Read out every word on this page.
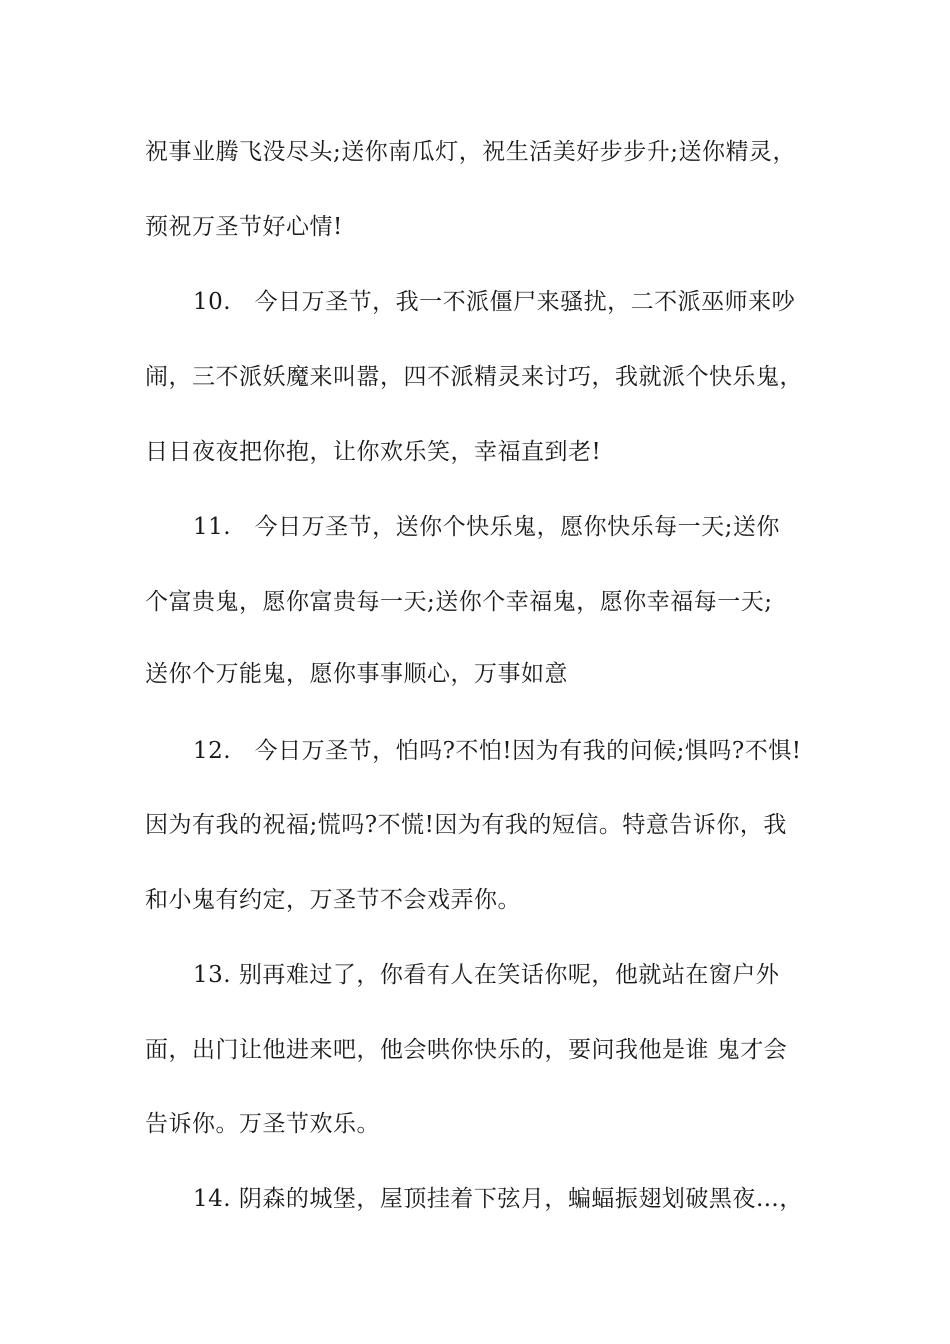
祝事业腾飞没尽头;送你南瓜灯，祝生活美好步步升;送你精灵，
预祝万圣节好心情!
10.　今日万圣节，我一不派僵尸来骚扰，二不派巫师来吵
闹，三不派妖魔来叫嚣，四不派精灵来讨巧，我就派个快乐鬼，
日日夜夜把你抱，让你欢乐笑，幸福直到老!
11.　今日万圣节，送你个快乐鬼，愿你快乐每一天;送你
个富贵鬼，愿你富贵每一天;送你个幸福鬼，愿你幸福每一天;
送你个万能鬼，愿你事事顺心，万事如意
12.　今日万圣节，怕吗?不怕!因为有我的问候;惧吗?不惧!
因为有我的祝福;慌吗?不慌!因为有我的短信。特意告诉你，我
和小鬼有约定，万圣节不会戏弄你。
13. 别再难过了，你看有人在笑话你呢，他就站在窗户外
面，出门让他进来吧，他会哄你快乐的，要问我他是谁 鬼才会
告诉你。万圣节欢乐。
14. 阴森的城堡，屋顶挂着下弦月，蝙蝠振翅划破黑夜…，
